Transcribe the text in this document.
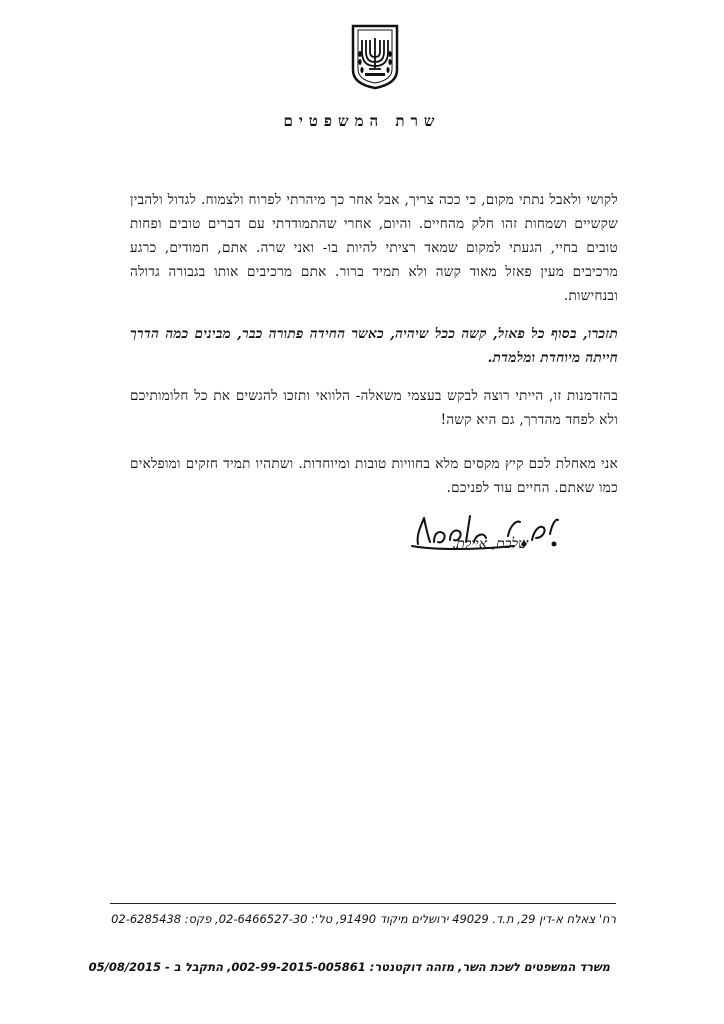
שרת המשפטים

לקושי ולאבל נתתי מקום, כי ככה צריך, אבל אחר כך מיהרתי לפרוח ולצמוח. לגדול ולהבין שקשיים ושמחות זהו חלק מהחיים. והיום, אחרי שהתמודדתי עם דברים טובים ופחות טובים בחיי, הגעתי למקום שמאד רציתי להיות בו- ואני שרה. אתם, חמודים, כרגע מרכיבים מעין פאזל מאוד קשה ולא תמיד ברור. אתם מרכיבים אותו בגבורה גדולה ובנחישות.

תזכרו, בסוף כל פאזל, קשה ככל שיהיה, כאשר החידה פתורה כבר, מבינים כמה הדרך חייתה מיוחדת ומלמדת.

בהזדמנות זו, הייתי רוצה לבקש בעצמי משאלה- הלוואי ותזכו להגשים את כל חלומותיכם ולא לפחד מהדרך, גם היא קשה!

אני מאחלת לכם קיץ מקסים מלא בחוויות טובות ומיוחדות. ושתהיו תמיד חזקים ומופלאים כמו שאתם. החיים עוד לפניכם.

שלכם, איילת.
רח' צאלח א-דין 29, ת.ד. 49029 ירושלים מיקוד 91490, טל': 02-6466527-30, פקס: 02-6285438
משרד המשפטים לשכת השר, מזהה דוקטנטר: 002-99-2015-005861, התקבל ב - 05/08/2015
